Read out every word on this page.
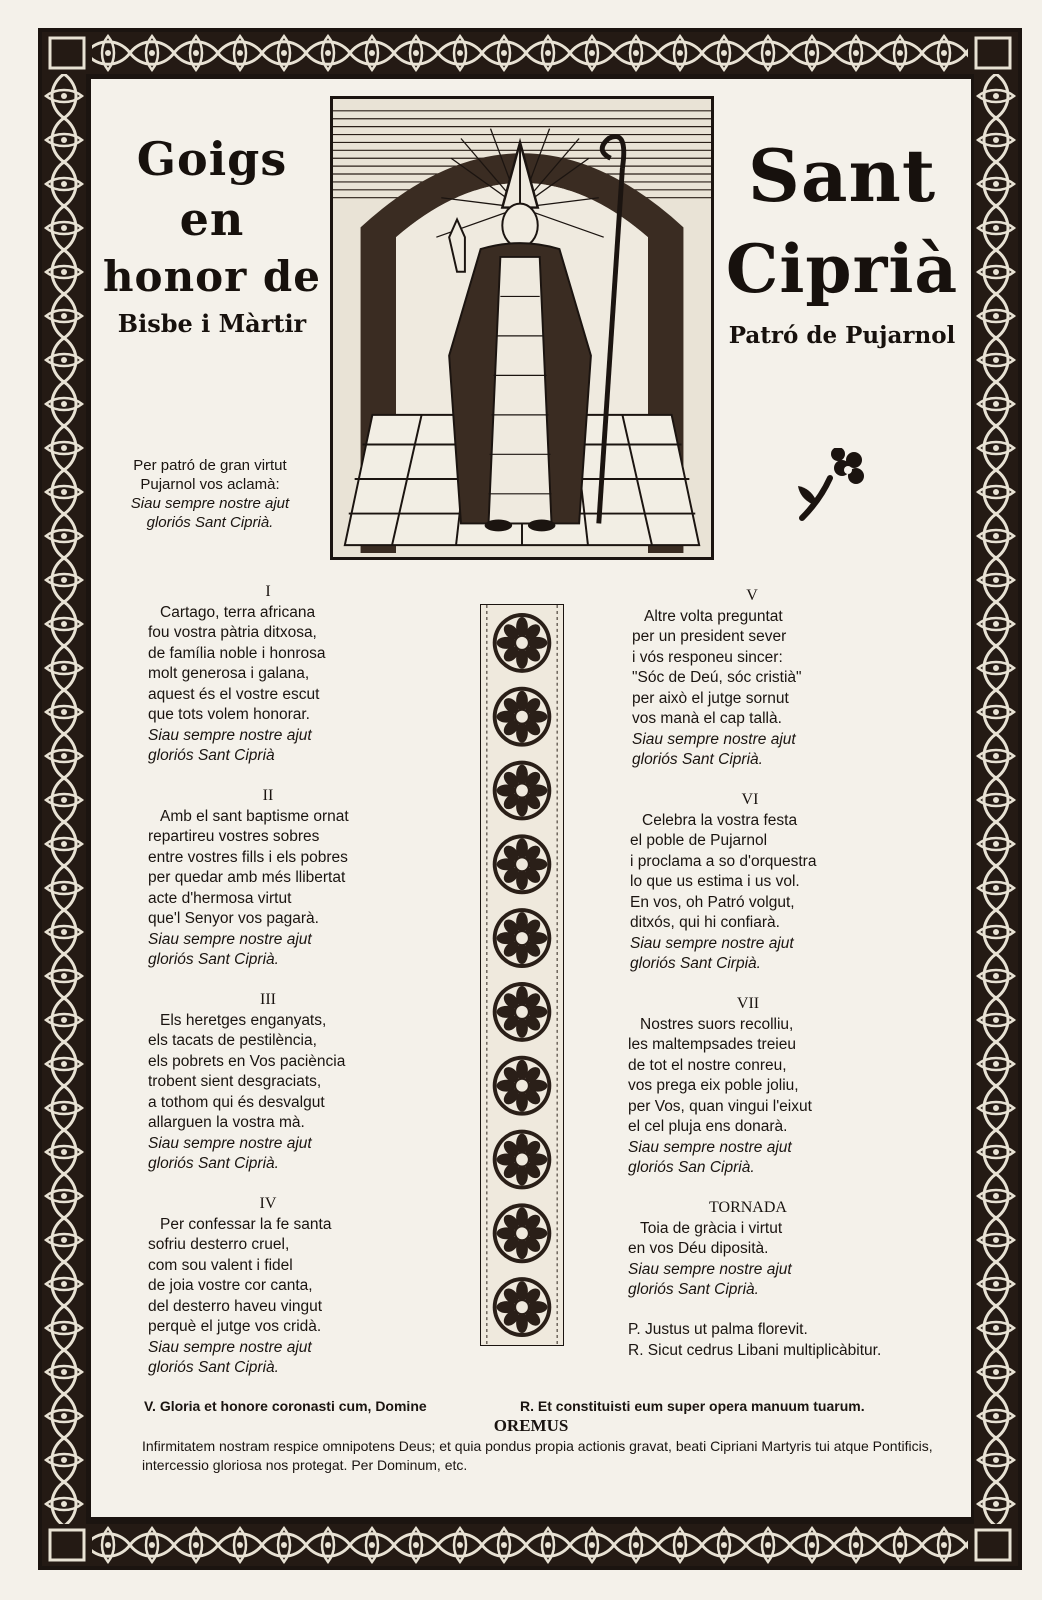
Goigs
en
honor de
Bisbe i Màrtir
Sant
Ciprià
Patró de Pujarnol
Per patró de gran virtut
Pujarnol vos aclamà:
Siau sempre nostre ajut
gloriós Sant Ciprià.
I
Cartago, terra africana
fou vostra pàtria ditxosa,
de família noble i honrosa
molt generosa i galana,
aquest és el vostre escut
que tots volem honorar.
Siau sempre nostre ajut
gloriós Sant Ciprià
II
Amb el sant baptisme ornat
repartireu vostres sobres
entre vostres fills i els pobres
per quedar amb més llibertat
acte d'hermosa virtut
que'l Senyor vos pagarà.
Siau sempre nostre ajut
gloriós Sant Ciprià.
III
Els heretges enganyats,
els tacats de pestilència,
els pobrets en Vos paciència
trobent sient desgraciats,
a tothom qui és desvalgut
allarguen la vostra mà.
Siau sempre nostre ajut
gloriós Sant Ciprià.
IV
Per confessar la fe santa
sofriu desterro cruel,
com sou valent i fidel
de joia vostre cor canta,
del desterro haveu vingut
perquè el jutge vos cridà.
Siau sempre nostre ajut
gloriós Sant Ciprià.
V
Altre volta preguntat
per un president sever
i vós responeu sincer:
"Sóc de Deú, sóc cristià"
per això el jutge sornut
vos manà el cap tallà.
Siau sempre nostre ajut
gloriós Sant Ciprià.
VI
Celebra la vostra festa
el poble de Pujarnol
i proclama a so d'orquestra
lo que us estima i us vol.
En vos, oh Patró volgut,
ditxós, qui hi confiarà.
Siau sempre nostre ajut
gloriós Sant Cirpià.
VII
Nostres suors recolliu,
les maltempsades treieu
de tot el nostre conreu,
vos prega eix poble joliu,
per Vos, quan vingui l'eixut
el cel pluja ens donarà.
Siau sempre nostre ajut
gloriós San Ciprià.
TORNADA
Toia de gràcia i virtut
en vos Déu diposità.
Siau sempre nostre ajut
gloriós Sant Ciprià.
P. Justus ut palma florevit.
R. Sicut cedrus Libani multiplicàbitur.
V. Gloria et honore coronasti cum, Domine	R. Et constituisti eum super opera manuum tuarum.
OREMUS
Infirmitatem nostram respice omnipotens Deus; et quia pondus propia actionis gravat, beati Cipriani Martyris tui atque Pontificis, intercessio gloriosa nos protegat. Per Dominum, etc.
